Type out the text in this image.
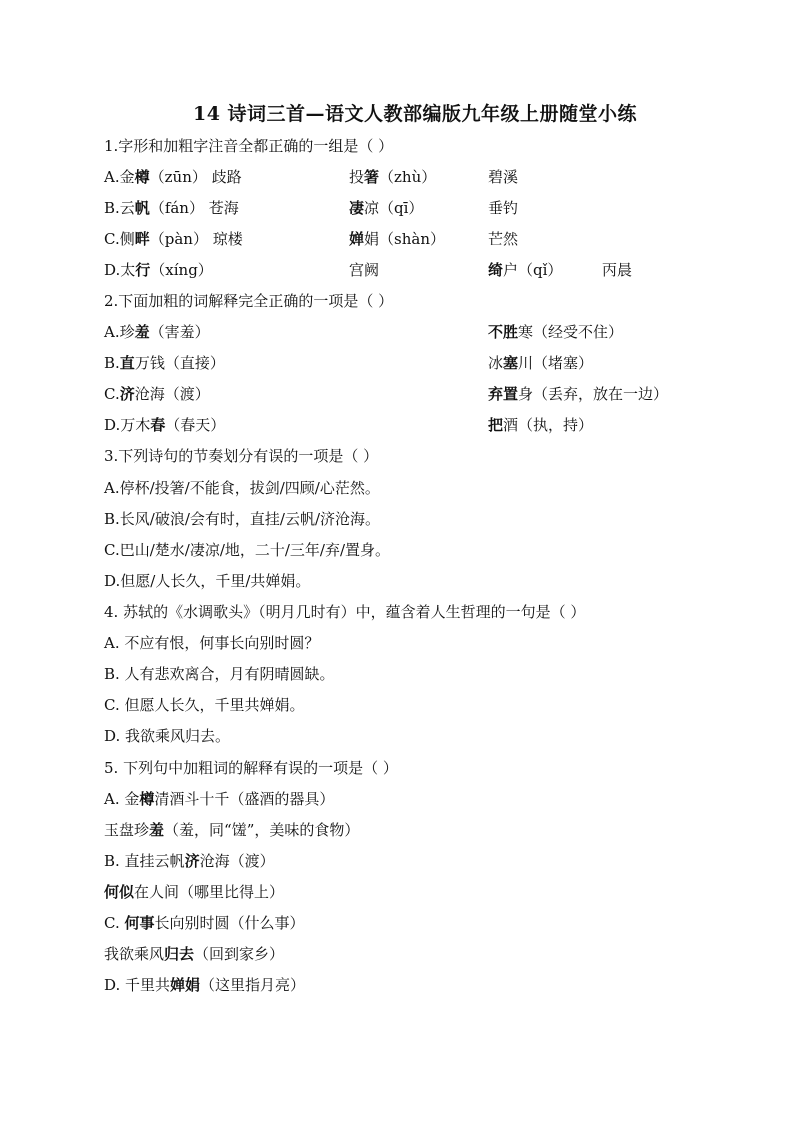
14 诗词三首—语文人教部编版九年级上册随堂小练
1.字形和加粗字注音全都正确的一组是（ ）
A.金樽（zūn） 歧路	投箸（zhù）	碧溪
B.云帆（fán） 苍海	凄凉（qī）	垂钓
C.侧畔（pàn） 琼楼	婵娟（shàn）	芒然
D.太行（xíng）	宫阙	绮户（qǐ）	丙晨
2.下面加粗的词解释完全正确的一项是（ ）
A.珍羞（害羞）	不胜寒（经受不住）
B.直万钱（直接）	冰塞川（堵塞）
C.济沧海（渡）	弃置身（丢弃，放在一边）
D.万木春（春天）	把酒（执，持）
3.下列诗句的节奏划分有误的一项是（ ）
A.停杯/投箸/不能食，拔剑/四顾/心茫然。
B.长风/破浪/会有时，直挂/云帆/济沧海。
C.巴山/楚水/凄凉/地，二十/三年/弃/置身。
D.但愿/人长久，千里/共婵娟。
4. 苏轼的《水调歌头》（明月几时有）中，蕴含着人生哲理的一句是（ ）
A. 不应有恨，何事长向别时圆？
B. 人有悲欢离合，月有阴晴圆缺。
C. 但愿人长久，千里共婵娟。
D. 我欲乘风归去。
5. 下列句中加粗词的解释有误的一项是（ ）
A. 金樽清酒斗十千（盛酒的器具）
玉盘珍羞（羞，同“馐”，美味的食物）
B. 直挂云帆济沧海（渡）
何似在人间（哪里比得上）
C. 何事长向别时圆（什么事）
我欲乘风归去（回到家乡）
D. 千里共婵娟（这里指月亮）
